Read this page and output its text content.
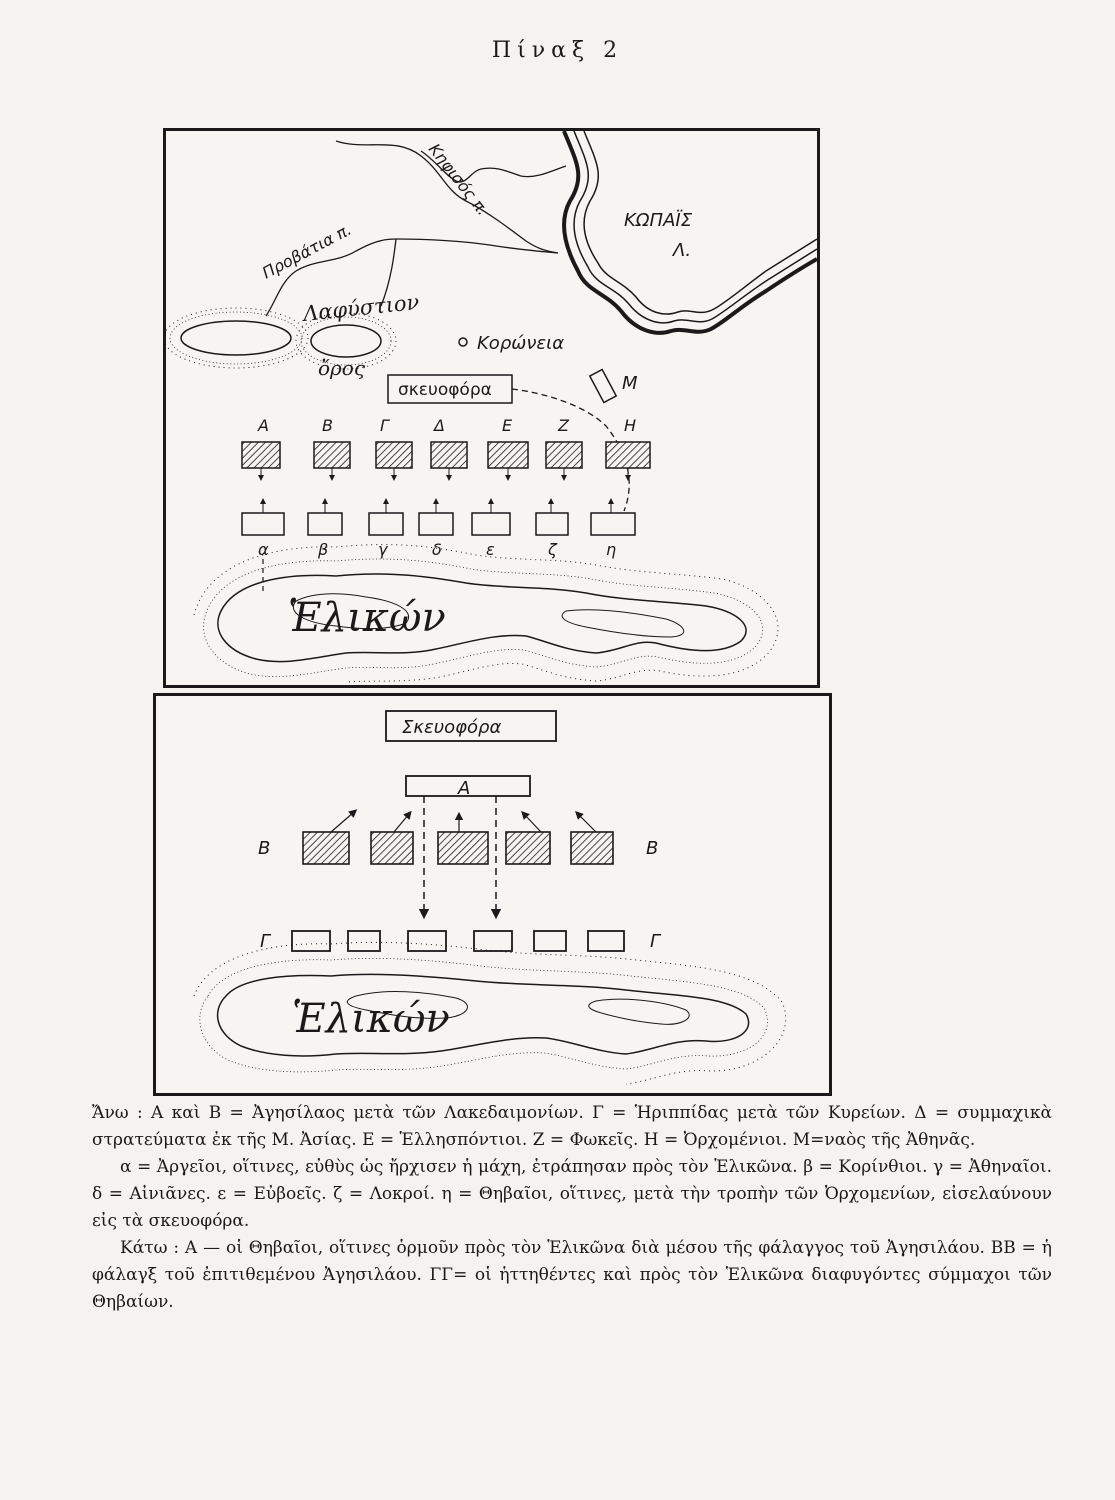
Πίναξ 2
Προβάτια π.
Κηφισός π.
ΚΩΠΑΪΣ
Λ.
Λαφύστιον
ὄρος
Κορώνεια
σκευοφόρα	Μ
Α	Β	Γ	Δ	Ε	Ζ	Η
α	β	γ	δ	ε	ζ	η
Ἑλικών
Σκευοφόρα
Α
Β	Β
Γ	Γ
Ἑλικών

Ἄνω : Α καὶ Β = Ἀγησίλαος μετὰ τῶν Λακεδαιμονίων. Γ = Ἡριππίδας μετὰ τῶν Κυρείων. Δ = συμμαχικὰ στρατεύματα ἐκ τῆς Μ. Ἀσίας. Ε = Ἑλλησπόντιοι. Ζ = Φωκεῖς. Η = Ὀρχομένιοι. Μ=ναὸς τῆς Ἀθηνᾶς.

α = Ἀργεῖοι, οἵτινες, εὐθὺς ὡς ἤρχισεν ἡ μάχη, ἐτράπησαν πρὸς τὸν Ἑλικῶνα. β = Κορίνθιοι. γ = Ἀθηναῖοι. δ = Αἰνιᾶνες. ε = Εὐβοεῖς. ζ = Λοκροί. η = Θηβαῖοι, οἵτινες, μετὰ τὴν τροπὴν τῶν Ὀρχομενίων, εἰσελαύνουν εἰς τὰ σκευοφόρα.

Κάτω : Α — οἱ Θηβαῖοι, οἵτινες ὁρμοῦν πρὸς τὸν Ἑλικῶνα διὰ μέσου τῆς φάλαγγος τοῦ Ἀγησιλάου. ΒΒ = ἡ φάλαγξ τοῦ ἐπιτιθεμένου Ἀγησιλάου. ΓΓ= οἱ ἡττηθέντες καὶ πρὸς τὸν Ἑλικῶνα διαφυγόντες σύμμαχοι τῶν Θηβαίων.
